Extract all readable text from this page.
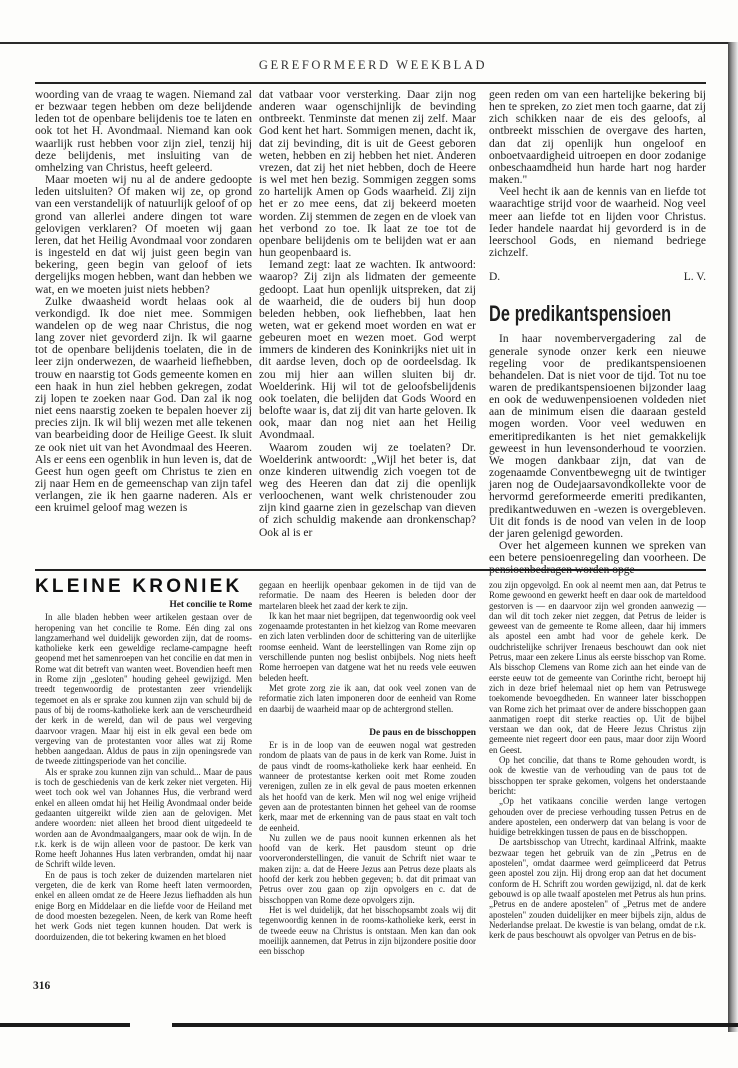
GEREFORMEERD WEEKBLAD

woording van de vraag te wagen. Niemand zal er bezwaar tegen hebben om deze belijdende leden tot de openbare belijdenis toe te laten en ook tot het H. Avondmaal. Niemand kan ook waarlijk rust hebben voor zijn ziel, tenzij hij deze belijdenis, met insluiting van de omhelzing van Christus, heeft geleerd.

Maar moeten wij nu al de andere gedoopte leden uitsluiten? Of maken wij ze, op grond van een verstandelijk of natuurlijk geloof of op grond van allerlei andere dingen tot ware gelovigen verklaren? Of moeten wij gaan leren, dat het Heilig Avondmaal voor zondaren is ingesteld en dat wij juist geen begin van bekering, geen begin van geloof of iets dergelijks mogen hebben, want dan hebben we wat, en we moeten juist niets hebben?

Zulke dwaasheid wordt helaas ook al verkondigd. Ik doe niet mee. Sommigen wandelen op de weg naar Christus, die nog lang zover niet gevorderd zijn. Ik wil gaarne tot de openbare belijdenis toelaten, die in de leer zijn onderwezen, de waarheid liefhebben, trouw en naarstig tot Gods gemeente komen en een haak in hun ziel hebben gekregen, zodat zij lopen te zoeken naar God. Dan zal ik nog niet eens naarstig zoeken te bepalen hoever zij precies zijn. Ik wil blij wezen met alle tekenen van bearbeiding door de Heilige Geest. Ik sluit ze ook niet uit van het Avondmaal des Heeren. Als er eens een ogenblik in hun leven is, dat de Geest hun ogen geeft om Christus te zien en zij naar Hem en de gemeenschap van zijn tafel verlangen, zie ik hen gaarne naderen. Als er een kruimel geloof mag wezen is

dat vatbaar voor versterking. Daar zijn nog anderen waar ogenschijnlijk de bevinding ontbreekt. Tenminste dat menen zij zelf. Maar God kent het hart. Sommigen menen, dacht ik, dat zij bevinding, dit is uit de Geest geboren weten, hebben en zij hebben het niet. Anderen vrezen, dat zij het niet hebben, doch de Heere is wel met hen bezig. Sommigen zeggen soms zo hartelijk Amen op Gods waarheid. Zij zijn het er zo mee eens, dat zij bekeerd moeten worden. Zij stemmen de zegen en de vloek van het verbond zo toe. Ik laat ze toe tot de openbare belijdenis om te belijden wat er aan hun geopenbaard is.

Iemand zegt: laat ze wachten. Ik antwoord: waarop? Zij zijn als lidmaten der gemeente gedoopt. Laat hun openlijk uitspreken, dat zij de waarheid, die de ouders bij hun doop beleden hebben, ook liefhebben, laat hen weten, wat er gekend moet worden en wat er gebeuren moet en wezen moet. God werpt immers de kinderen des Koninkrijks niet uit in dit aardse leven, doch op de oordeelsdag. Ik zou mij hier aan willen sluiten bij dr. Woelderink. Hij wil tot de geloofsbelijdenis ook toelaten, die belijden dat Gods Woord en belofte waar is, dat zij dit van harte geloven. Ik ook, maar dan nog niet aan het Heilig Avondmaal.

Waarom zouden wij ze toelaten? Dr. Woelderink antwoordt: „Wijl het beter is, dat onze kinderen uitwendig zich voegen tot de weg des Heeren dan dat zij die openlijk verloochenen, want welk christenouder zou zijn kind gaarne zien in gezelschap van dieven of zich schuldig makende aan dronkenschap? Ook al is er

geen reden om van een hartelijke bekering bij hen te spreken, zo ziet men toch gaarne, dat zij zich schikken naar de eis des geloofs, al ontbreekt misschien de overgave des harten, dan dat zij openlijk hun ongeloof en onboetvaardigheid uitroepen en door zodanige onbeschaamdheid hun harde hart nog harder maken."

Veel hecht ik aan de kennis van en liefde tot waarachtige strijd voor de waarheid. Nog veel meer aan liefde tot en lijden voor Christus. Ieder handele naardat hij gevorderd is in de leerschool Gods, en niemand bedriege zichzelf.

D.	L. V.
De predikantspensioen

In haar novembervergadering zal de generale synode onzer kerk een nieuwe regeling voor de predikantspensioenen behandelen. Dat is niet voor de tijd. Tot nu toe waren de predikantspensioenen bijzonder laag en ook de weduwenpensioenen voldeden niet aan de minimum eisen die daaraan gesteld mogen worden. Voor veel weduwen en emeritipredikanten is het niet gemakkelijk geweest in hun levensonderhoud te voorzien. We mogen dankbaar zijn, dat van de zogenaamde Conventbewegng uit de twintiger jaren nog de Oudejaarsavondkollekte voor de hervormd gereformeerde emeriti predikanten, predikantweduwen en -wezen is overgebleven. Uit dit fonds is de nood van velen in de loop der jaren gelenigd geworden.

Over het algemeen kunnen we spreken van een betere pensioenregeling dan voorheen. De

KLEINE KRONIEK
Het concilie te Rome

In alle bladen hebben weer artikelen gestaan over de heropening van het concilie te Rome. Eén ding zal ons langzamerhand wel duidelijk geworden zijn, dat de rooms-katholieke kerk een geweldige reclame-campagne heeft geopend met het samenroepen van het concilie en dat men in Rome wat dit betreft van wanten weet. Bovendien heeft men in Rome zijn „gesloten" houding geheel gewijzigd. Men treedt tegenwoordig de protestanten zeer vriendelijk tegemoet en als er sprake zou kunnen zijn van schuld bij de paus of bij de rooms-katholieke kerk aan de verscheurdheid der kerk in de wereld, dan wil de paus wel vergeving daarvoor vragen. Maar hij eist in elk geval een bede om vergeving van de protestanten voor alles wat zij Rome hebben aangedaan. Aldus de paus in zijn openingsrede van de tweede zittingsperiode van het concilie.

Als er sprake zou kunnen zijn van schuld... Maar de paus is toch de geschiedenis van de kerk zeker niet vergeten. Hij weet toch ook wel van Johannes Hus, die verbrand werd enkel en alleen omdat hij het Heilig Avondmaal onder beide gedaanten uitgereikt wilde zien aan de gelovigen. Met andere woorden: niet alleen het brood dient uitgedeeld te worden aan de Avondmaalgangers, maar ook de wijn. In de r.k. kerk is de wijn alleen voor de pastoor. De kerk van Rome heeft Johannes Hus laten verbranden, omdat hij naar de Schrift wilde leven.

En de paus is toch zeker de duizenden martelaren niet vergeten, die de kerk van Rome heeft laten vermoorden, enkel en alleen omdat ze de Heere Jezus liefhadden als hun enige Borg en Middelaar en die liefde voor de Heiland met de dood moesten bezegelen. Neen, de kerk van Rome heeft het werk Gods niet tegen kunnen houden. Dat werk is doorduizenden, die tot bekering kwamen en het bloed

gegaan en heerlijk openbaar gekomen in de tijd van de reformatie. De naam des Heeren is beleden door der martelaren bleek het zaad der kerk te zijn.

Ik kan het maar niet begrijpen, dat tegenwoordig ook veel zogenaamde protestanten in het kielzog van Rome meevaren en zich laten verblinden door de schittering van de uiterlijke roomse eenheid. Want de leerstellingen van Rome zijn op verschillende punten nog beslist onbijbels. Nog niets heeft Rome herroepen van datgene wat het nu reeds vele eeuwen beleden heeft.

Met grote zorg zie ik aan, dat ook veel zonen van de reformatie zich laten imponeren door de eenheid van Rome en daarbij de waarheid maar op de achtergrond stellen.

De paus en de bisschoppen

Er is in de loop van de eeuwen nogal wat gestreden rondom de plaats van de paus in de kerk van Rome. Juist in de paus vindt de rooms-katholieke kerk haar eenheid. En wanneer de protestantse kerken ooit met Rome zouden verenigen, zullen ze in elk geval de paus moeten erkennen als het hoofd van de kerk. Men wil nog wel enige vrijheid geven aan de protestanten binnen het geheel van de roomse kerk, maar met de erkenning van de paus staat en valt toch de eenheid.

Nu zullen we de paus nooit kunnen erkennen als het hoofd van de kerk. Het pausdom steunt op drie voorveronderstellingen, die vanuit de Schrift niet waar te maken zijn: a. dat de Heere Jezus aan Petrus deze plaats als hoofd der kerk zou hebben gegeven; b. dat dit primaat van Petrus over zou gaan op zijn opvolgers en c. dat de bisschoppen van Rome deze opvolgers zijn.

Het is wel duidelijk, dat het bisschopsambt zoals wij dit tegenwoordig kennen in de rooms-katholieke kerk, eerst in de tweede eeuw na Christus is ontstaan. Men kan dan ook moeilijk aannemen, dat Petrus in zijn bijzondere positie door een bisschop

zou zijn opgevolgd. En ook al neemt men aan, dat Petrus te Rome gewoond en gewerkt heeft en daar ook de marteldood gestorven is — en daarvoor zijn wel gronden aanwezig — dan wil dit toch zeker niet zeggen, dat Petrus de leider is geweest van de gemeente te Rome alleen, daar hij immers als apostel een ambt had voor de gehele kerk. De oudchristelijke schrijver Irenaeus beschouwt dan ook niet Petrus, maar een zekere Linus als eerste bisschop van Rome. Als bisschop Clemens van Rome zich aan het einde van de eerste eeuw tot de gemeente van Corinthe richt, beroept hij zich in deze brief helemaal niet op hem van Petruswege toekomende bevoegdheden. En wanneer later bisschoppen van Rome zich het primaat over de andere bisschoppen gaan aanmatigen roept dit sterke reacties op. Uit de bijbel verstaan we dan ook, dat de Heere Jezus Christus zijn gemeente niet regeert door een paus, maar door zijn Woord en Geest.

Op het concilie, dat thans te Rome gehouden wordt, is ook de kwestie van de verhouding van de paus tot de bisschoppen ter sprake gekomen, volgens het onderstaande bericht:

„Op het vatikaans concilie werden lange vertogen gehouden over de preciese verhouding tussen Petrus en de andere apostelen, een onderwerp dat van belang is voor de huidige betrekkingen tussen de paus en de bisschoppen.

De aartsbisschop van Utrecht, kardinaal Alfrink, maakte bezwaar tegen het gebruik van de zin „Petrus en de apostelen", omdat daarmee werd geïmpliceerd dat Petrus geen apostel zou zijn. Hij drong erop aan dat het document conform de H. Schrift zou worden gewijzigd, nl. dat de kerk gebouwd is op alle twaalf apostelen met Petrus als hun prins. „Petrus en de andere apostelen" of „Petrus met de andere apostelen" zouden duidelijker en meer bijbels zijn, aldus de Nederlandse prelaat. De kwestie is van belang, omdat de r.k. kerk de paus beschouwt als opvolger van Petrus en de bis-

316
